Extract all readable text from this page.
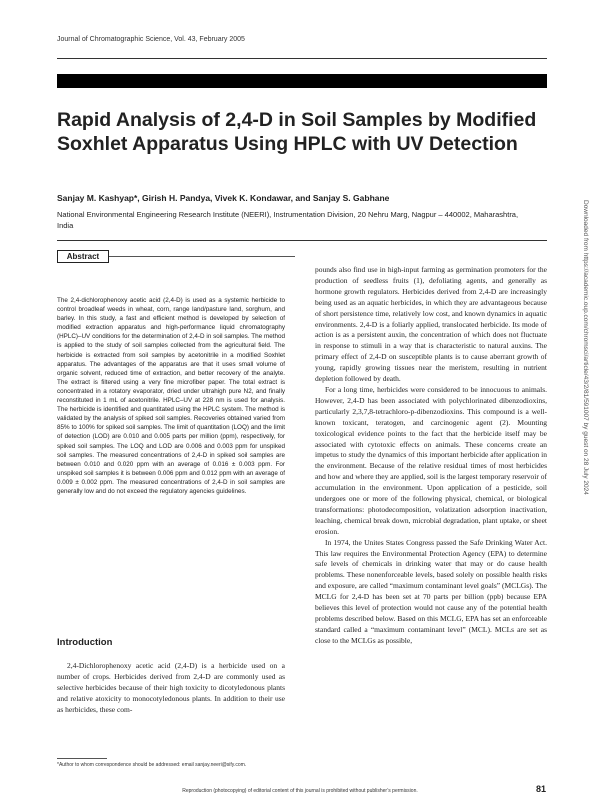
Journal of Chromatographic Science, Vol. 43, February 2005
Rapid Analysis of 2,4-D in Soil Samples by Modified
Soxhlet Apparatus Using HPLC with UV Detection
Sanjay M. Kashyap*, Girish H. Pandya, Vivek K. Kondawar, and Sanjay S. Gabhane
National Environmental Engineering Research Institute (NEERI), Instrumentation Division, 20 Nehru Marg, Nagpur – 440002, Maharashtra, India	Downloaded from https://academic.oup.com/chromsci/article/43/2/81/591007 by guest on 28 July 2024
Abstract

The 2,4-dichlorophenoxy acetic acid (2,4-D) is used as a systemic herbicide to control broadleaf weeds in wheat, corn, range land/pasture land, sorghum, and barley. In this study, a fast and efficient method is developed by selection of modified extraction apparatus and high-performance liquid chromatography (HPLC)–UV conditions for the determination of 2,4-D in soil samples. The method is applied to the study of soil samples collected from the agricultural field. The herbicide is extracted from soil samples by acetonitrile in a modified Soxhlet apparatus. The advantages of the apparatus are that it uses small volume of organic solvent, reduced time of extraction, and better recovery of the analyte. The extract is filtered using a very fine microfiber paper. The total extract is concentrated in a rotatory evaporator, dried under ultrahigh pure N2, and finally reconstituted in 1 mL of acetonitrile. HPLC–UV at 228 nm is used for analysis. The herbicide is identified and quantitated using the HPLC system. The method is validated by the analysis of spiked soil samples. Recoveries obtained varied from 85% to 100% for spiked soil samples. The limit of quantitation (LOQ) and the limit of detection (LOD) are 0.010 and 0.005 parts per million (ppm), respectively, for spiked soil samples. The LOQ and LOD are 0.006 and 0.003 ppm for unspiked soil samples. The measured concentrations of 2,4-D in spiked soil samples are between 0.010 and 0.020 ppm with an average of 0.016 ± 0.003 ppm. For unspiked soil samples it is between 0.006 ppm and 0.012 ppm with an average of 0.009 ± 0.002 ppm. The measured concentrations of 2,4-D in soil samples are generally low and do not exceed the regulatory agencies guidelines.

Introduction

2,4-Dichlorophenoxy acetic acid (2,4-D) is a herbicide used on a number of crops. Herbicides derived from 2,4-D are commonly used as selective herbicides because of their high toxicity to dicotyledonous plants and relative atoxicity to monocotyledonous plants. In addition to their use as herbicides, these com-

*Author to whom correspondence should be addressed: email sanjay.neeri@sify.com.

pounds also find use in high-input farming as germination promoters for the production of seedless fruits (1), defoliating agents, and generally as hormone growth regulators. Herbicides derived from 2,4-D are increasingly being used as an aquatic herbicides, in which they are advantageous because of short persistence time, relatively low cost, and known dynamics in aquatic environments. 2,4-D is a foliarly applied, translocated herbicide. Its mode of action is as a persistent auxin, the concentration of which does not fluctuate in response to stimuli in a way that is characteristic to natural auxins. The primary effect of 2,4-D on susceptible plants is to cause aberrant growth of young, rapidly growing tissues near the meristem, resulting in nutrient depletion followed by death.

For a long time, herbicides were considered to be innocuous to animals. However, 2,4-D has been associated with polychlorinated dibenzodioxins, particularly 2,3,7,8-tetrachloro-p-dibenzodioxins. This compound is a well-known toxicant, teratogen, and carcinogenic agent (2). Mounting toxicological evidence points to the fact that the herbicide itself may be associated with cytotoxic effects on animals. These concerns create an impetus to study the dynamics of this important herbicide after application in the environment. Because of the relative residual times of most herbicides and how and where they are applied, soil is the largest temporary reservoir of accumulation in the environment. Upon application of a pesticide, soil undergoes one or more of the following physical, chemical, or biological transformations: photodecomposition, volatization adsorption inactivation, leaching, chemical break down, microbial degradation, plant uptake, or sheet erosion.

In 1974, the Unites States Congress passed the Safe Drinking Water Act. This law requires the Environmental Protection Agency (EPA) to determine safe levels of chemicals in drinking water that may or do cause health problems. These nonenforceable levels, based solely on possible health risks and exposure, are called “maximum contaminant level goals” (MCLGs). The MCLG for 2,4-D has been set at 70 parts per billion (ppb) because EPA believes this level of protection would not cause any of the potential health problems described below. Based on this MCLG, EPA has set an enforceable standard called a “maximum contaminant level” (MCL). MCLs are set as close to the MCLGs as possible,

Reproduction (photocopying) of editorial content of this journal is prohibited without publisher’s permission.	81
